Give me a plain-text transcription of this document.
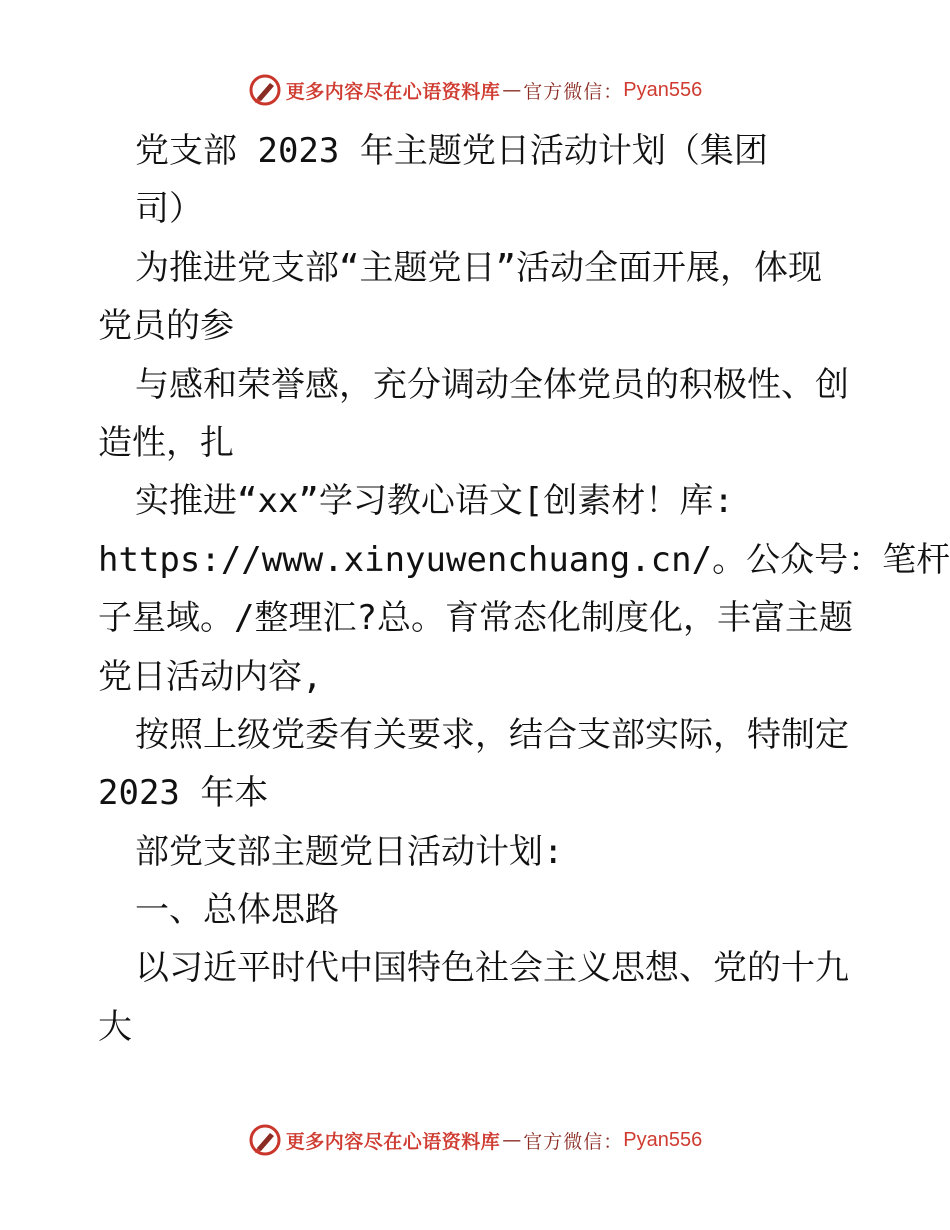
更多内容尽在心语资料库 — 官方微信： Pyan556
党支部 2023 年主题党日活动计划（集团
司）
为推进党支部“主题党日”活动全面开展，体现
党员的参
与感和荣誉感，充分调动全体党员的积极性、创
造性，扎
实推进“xx”学习教心语文[创素材！库:
https://www.xinyuwenchuang.cn/。公众号：笔杆
子星域。/整理汇?总。育常态化制度化，丰富主题
党日活动内容,
按照上级党委有关要求，结合支部实际，特制定
2023 年本
部党支部主题党日活动计划:
一、总体思路
以习近平时代中国特色社会主义思想、党的十九
大
更多内容尽在心语资料库 — 官方微信： Pyan556
